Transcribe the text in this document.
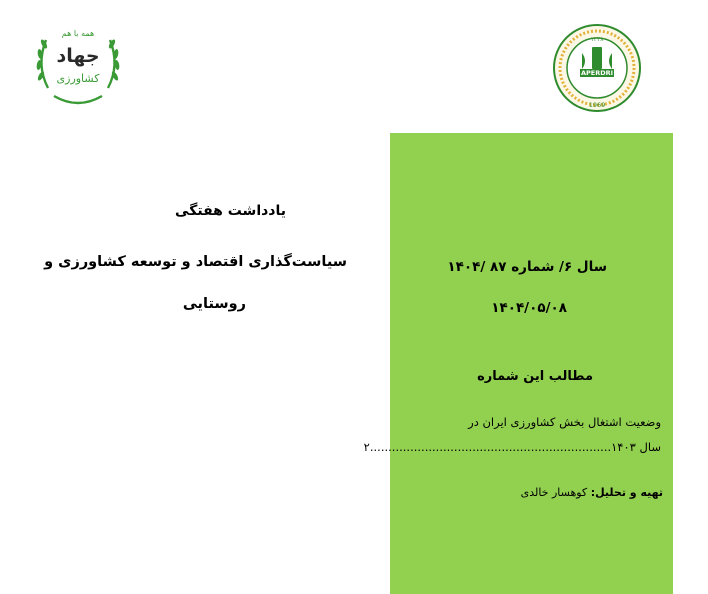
همه با هم
جهاد
کشاورزی	APERDRI
۱۳۴۸
1969
یادداشت هفتگی
سیاست‌گذاری اقتصاد و توسعه کشاورزی و
روستایی
سال ۶/ شماره ۸۷ /۱۴۰۴
۱۴۰۴/۰۵/۰۸
مطالب این شماره
وضعیت اشتغال بخش کشاورزی ایران در
سال ۱۴۰۳..................................................................۲
تهیه و تحلیل: کوهسار خالدی
